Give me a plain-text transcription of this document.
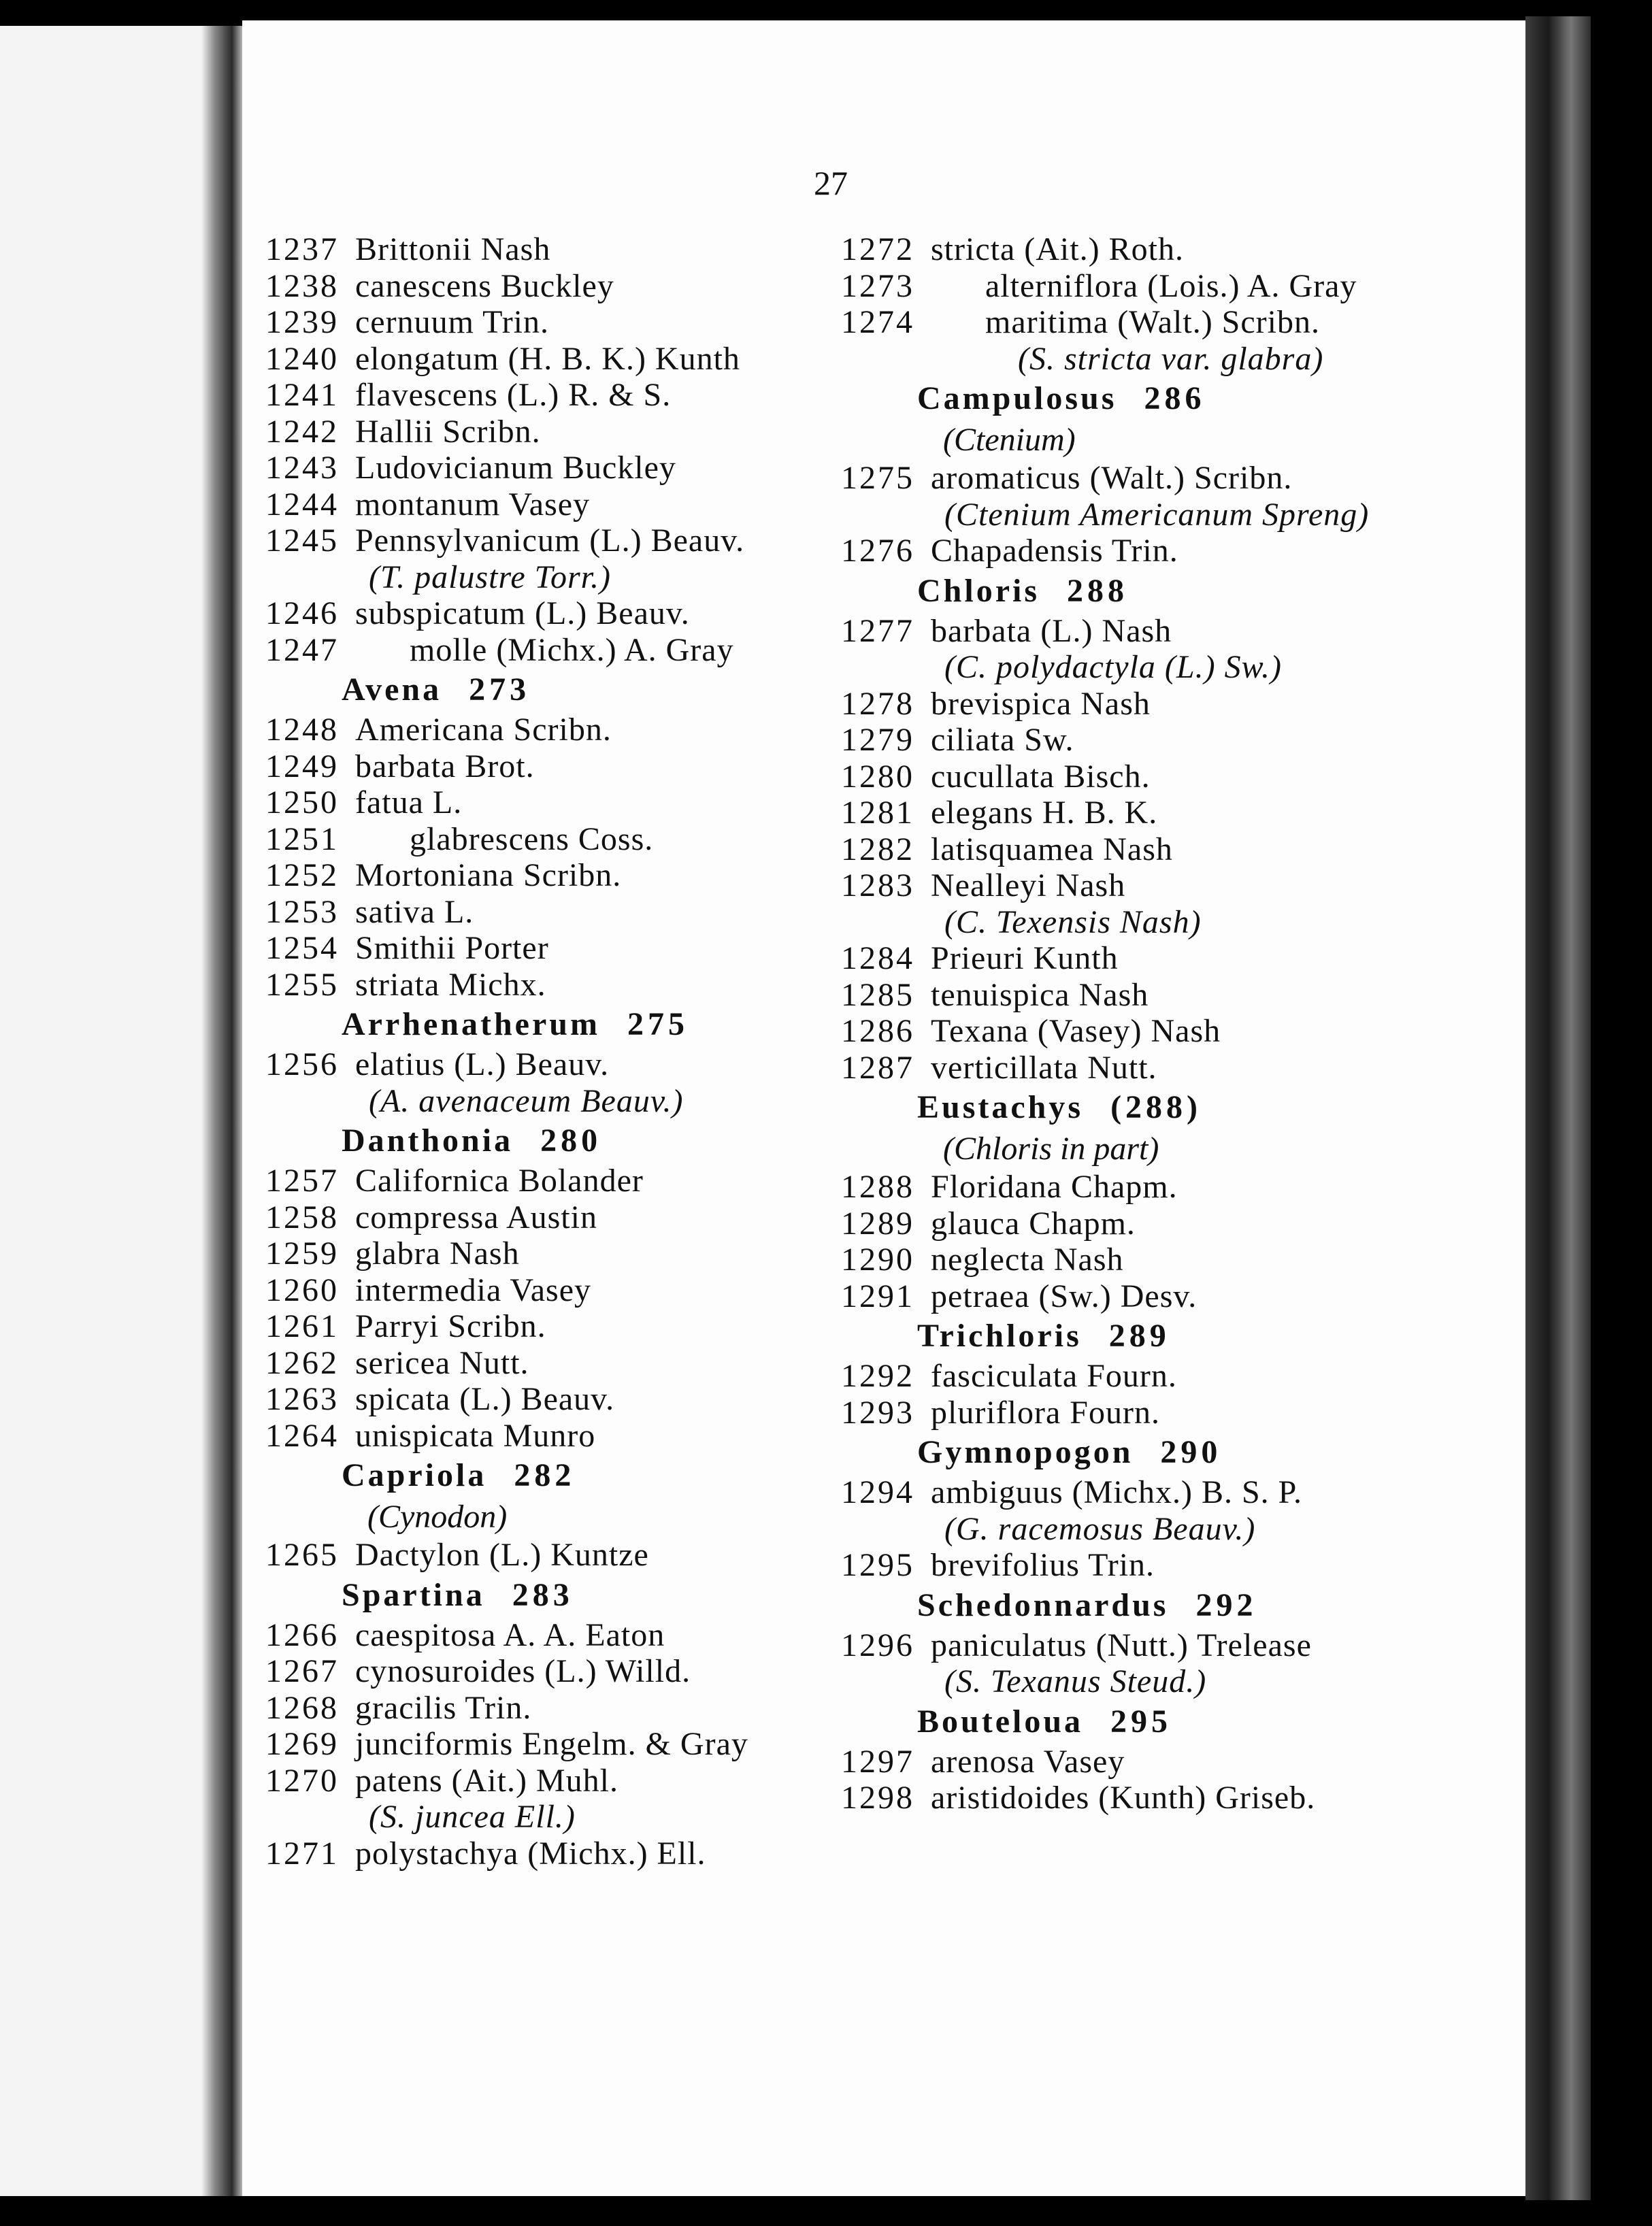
27
1237 Brittonii Nash
1238 canescens Buckley
1239 cernuum Trin.
1240 elongatum (H. B. K.) Kunth
1241 flavescens (L.) R. & S.
1242 Hallii Scribn.
1243 Ludovicianum Buckley
1244 montanum Vasey
1245 Pennsylvanicum (L.) Beauv.
(T. palustre Torr.)
1246 subspicatum (L.) Beauv.
1247 molle (Michx.) A. Gray
Avena 273
1248 Americana Scribn.
1249 barbata Brot.
1250 fatua L.
1251 glabrescens Coss.
1252 Mortoniana Scribn.
1253 sativa L.
1254 Smithii Porter
1255 striata Michx.
Arrhenatherum 275
1256 elatius (L.) Beauv.
(A. avenaceum Beauv.)
Danthonia 280
1257 Californica Bolander
1258 compressa Austin
1259 glabra Nash
1260 intermedia Vasey
1261 Parryi Scribn.
1262 sericea Nutt.
1263 spicata (L.) Beauv.
1264 unispicata Munro
Capriola 282
(Cynodon)
1265 Dactylon (L.) Kuntze
Spartina 283
1266 caespitosa A. A. Eaton
1267 cynosuroides (L.) Willd.
1268 gracilis Trin.
1269 junciformis Engelm. & Gray
1270 patens (Ait.) Muhl.
(S. juncea Ell.)
1271 polystachya (Michx.) Ell.
1272 stricta (Ait.) Roth.
1273 alterniflora (Lois.) A. Gray
1274 maritima (Walt.) Scribn.
(S. stricta var. glabra)
Campulosus 286
(Ctenium)
1275 aromaticus (Walt.) Scribn.
(Ctenium Americanum Spreng)
1276 Chapadensis Trin.
Chloris 288
1277 barbata (L.) Nash
(C. polydactyla (L.) Sw.)
1278 brevispica Nash
1279 ciliata Sw.
1280 cucullata Bisch.
1281 elegans H. B. K.
1282 latisquamea Nash
1283 Nealleyi Nash
(C. Texensis Nash)
1284 Prieuri Kunth
1285 tenuispica Nash
1286 Texana (Vasey) Nash
1287 verticillata Nutt.
Eustachys (288)
(Chloris in part)
1288 Floridana Chapm.
1289 glauca Chapm.
1290 neglecta Nash
1291 petraea (Sw.) Desv.
Trichloris 289
1292 fasciculata Fourn.
1293 pluriflora Fourn.
Gymnopogon 290
1294 ambiguus (Michx.) B. S. P.
(G. racemosus Beauv.)
1295 brevifolius Trin.
Schedonnardus 292
1296 paniculatus (Nutt.) Trelease
(S. Texanus Steud.)
Bouteloua 295
1297 arenosa Vasey
1298 aristidoides (Kunth) Griseb.
